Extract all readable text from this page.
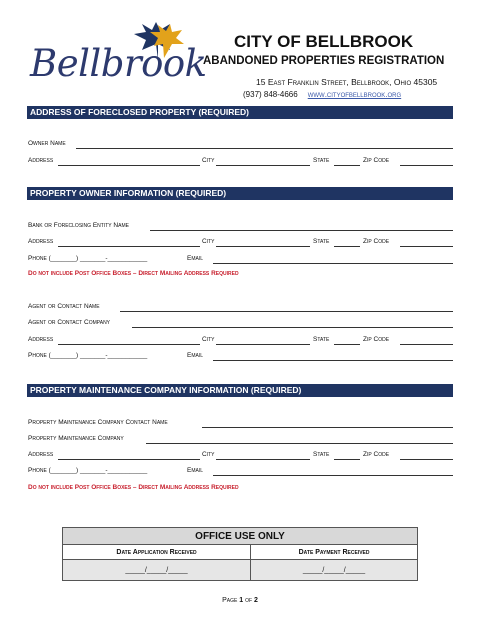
Bellbrook
CITY OF BELLBROOK
ABANDONED PROPERTIES REGISTRATION
15 East Franklin Street, Bellbrook, Ohio 45305
(937) 848-4666 www.cityofbellbrook.org
ADDRESS OF FORECLOSED PROPERTY (REQUIRED)
Owner Name
Address	City	State	Zip Code
PROPERTY OWNER INFORMATION (REQUIRED)
Bank or Foreclosing Entity Name
Address	City	State	Zip Code
Phone (_______) _______-___________	Email
Do not include Post Office Boxes – Direct Mailing Address Required
Agent or Contact Name
Agent or Contact Company
Address	City	State	Zip Code
Phone (_______) _______-___________	Email
PROPERTY MAINTENANCE COMPANY INFORMATION (REQUIRED)
Property Maintenance Company Contact Name
Property Maintenance Company
Address	City	State	Zip Code
Phone (_______) _______-___________	Email
Do not include Post Office Boxes – Direct Mailing Address Required
OFFICE USE ONLY	
Date Application Received	Date Payment Received
_____/_____/_____	_____/_____/_____
Page 1 of 2
